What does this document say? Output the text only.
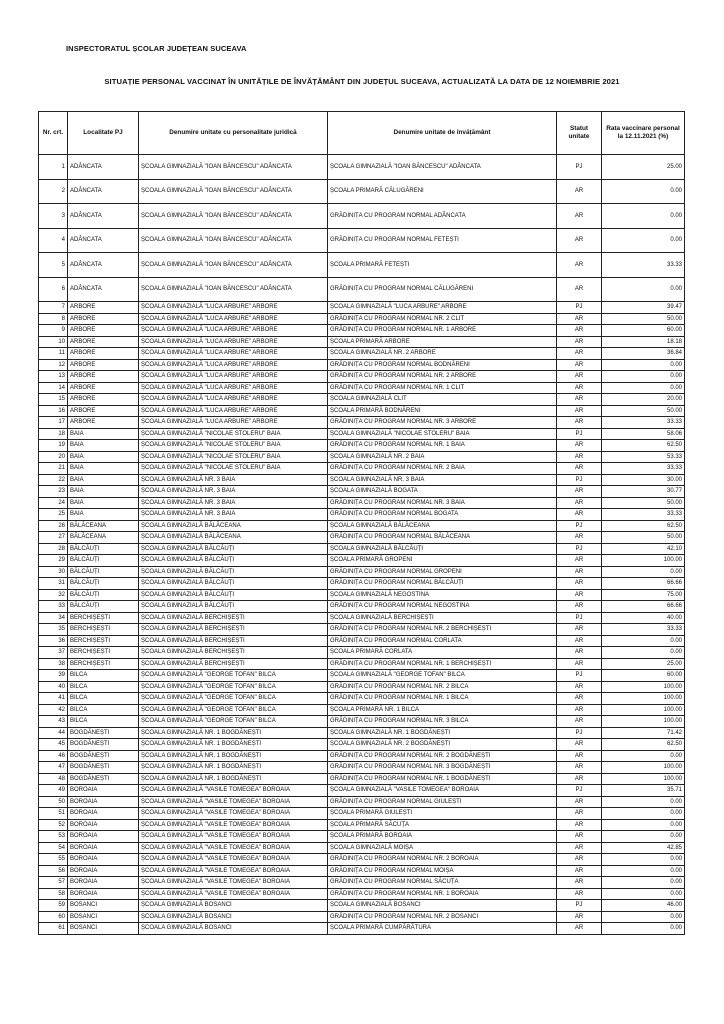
INSPECTORATUL ȘCOLAR JUDEȚEAN SUCEAVA
SITUAȚIE PERSONAL VACCINAT ÎN UNITĂȚILE DE ÎNVĂȚĂMÂNT DIN JUDEȚUL SUCEAVA, ACTUALIZATĂ LA DATA DE 12 NOIEMBRIE 2021
Nr. crt.	Localitate PJ	Denumire unitate cu personalitate juridică	Denumire unitate de învățământ	Statut unitate	Rata vaccinare personal la 12.11.2021 (%)
1	ADÂNCATA	ȘCOALA GIMNAZIALĂ "IOAN BĂNCESCU" ADÂNCATA	ȘCOALA GIMNAZIALĂ "IOAN BĂNCESCU" ADÂNCATA	PJ	25.00
2	ADÂNCATA	ȘCOALA GIMNAZIALĂ "IOAN BĂNCESCU" ADÂNCATA	ȘCOALA PRIMARĂ CĂLUGĂRENI	AR	0.00
3	ADÂNCATA	ȘCOALA GIMNAZIALĂ "IOAN BĂNCESCU" ADÂNCATA	GRĂDINIȚA CU PROGRAM NORMAL ADÂNCATA	AR	0.00
4	ADÂNCATA	ȘCOALA GIMNAZIALĂ "IOAN BĂNCESCU" ADÂNCATA	GRĂDINIȚA CU PROGRAM NORMAL FETEȘTI	AR	0.00
5	ADÂNCATA	ȘCOALA GIMNAZIALĂ "IOAN BĂNCESCU" ADÂNCATA	ȘCOALA PRIMARĂ FETEȘTI	AR	33.33
6	ADÂNCATA	ȘCOALA GIMNAZIALĂ "IOAN BĂNCESCU" ADÂNCATA	GRĂDINIȚA CU PROGRAM NORMAL CĂLUGĂRENI	AR	0.00
7	ARBORE	ȘCOALA GIMNAZIALĂ "LUCA ARBURE" ARBORE	ȘCOALA GIMNAZIALĂ "LUCA ARBURE" ARBORE	PJ	39.47
8	ARBORE	ȘCOALA GIMNAZIALĂ "LUCA ARBURE" ARBORE	GRĂDINIȚA CU PROGRAM NORMAL NR. 2 CLIT	AR	50.00
9	ARBORE	ȘCOALA GIMNAZIALĂ "LUCA ARBURE" ARBORE	GRĂDINIȚA CU PROGRAM NORMAL NR. 1 ARBORE	AR	60.00
10	ARBORE	ȘCOALA GIMNAZIALĂ "LUCA ARBURE" ARBORE	ȘCOALA PRIMARĂ ARBORE	AR	18.18
11	ARBORE	ȘCOALA GIMNAZIALĂ "LUCA ARBURE" ARBORE	ȘCOALA GIMNAZIALĂ NR. 2 ARBORE	AR	36.84
12	ARBORE	ȘCOALA GIMNAZIALĂ "LUCA ARBURE" ARBORE	GRĂDINIȚA CU PROGRAM NORMAL BODNĂRENI	AR	0.00
13	ARBORE	ȘCOALA GIMNAZIALĂ "LUCA ARBURE" ARBORE	GRĂDINIȚA CU PROGRAM NORMAL NR. 2 ARBORE	AR	0.00
14	ARBORE	ȘCOALA GIMNAZIALĂ "LUCA ARBURE" ARBORE	GRĂDINIȚA CU PROGRAM NORMAL NR. 1 CLIT	AR	0.00
15	ARBORE	ȘCOALA GIMNAZIALĂ "LUCA ARBURE" ARBORE	ȘCOALA GIMNAZIALĂ CLIT	AR	20.00
16	ARBORE	ȘCOALA GIMNAZIALĂ "LUCA ARBURE" ARBORE	ȘCOALA PRIMARĂ BODNĂRENI	AR	50.00
17	ARBORE	ȘCOALA GIMNAZIALĂ "LUCA ARBURE" ARBORE	GRĂDINIȚA CU PROGRAM NORMAL NR. 3 ARBORE	AR	33.33
18	BAIA	ȘCOALA GIMNAZIALĂ "NICOLAE STOLERU" BAIA	ȘCOALA GIMNAZIALĂ "NICOLAE STOLERU" BAIA	PJ	58.06
19	BAIA	ȘCOALA GIMNAZIALĂ "NICOLAE STOLERU" BAIA	GRĂDINIȚA CU PROGRAM NORMAL NR. 1 BAIA	AR	62.50
20	BAIA	ȘCOALA GIMNAZIALĂ "NICOLAE STOLERU" BAIA	ȘCOALA GIMNAZIALĂ NR. 2 BAIA	AR	53.33
21	BAIA	ȘCOALA GIMNAZIALĂ "NICOLAE STOLERU" BAIA	GRĂDINIȚA CU PROGRAM NORMAL NR. 2 BAIA	AR	33.33
22	BAIA	ȘCOALA GIMNAZIALĂ NR. 3 BAIA	ȘCOALA GIMNAZIALĂ NR. 3 BAIA	PJ	30.00
23	BAIA	ȘCOALA GIMNAZIALĂ NR. 3 BAIA	ȘCOALA GIMNAZIALĂ BOGATA	AR	30.77
24	BAIA	ȘCOALA GIMNAZIALĂ NR. 3 BAIA	GRĂDINIȚA CU PROGRAM NORMAL NR. 3 BAIA	AR	50.00
25	BAIA	ȘCOALA GIMNAZIALĂ NR. 3 BAIA	GRĂDINIȚA CU PROGRAM NORMAL BOGATA	AR	33.33
26	BĂLĂCEANA	ȘCOALA GIMNAZIALĂ BĂLĂCEANA	ȘCOALA GIMNAZIALĂ BĂLĂCEANA	PJ	62.50
27	BĂLĂCEANA	ȘCOALA GIMNAZIALĂ BĂLĂCEANA	GRĂDINIȚA CU PROGRAM NORMAL BĂLĂCEANA	AR	50.00
28	BĂLCĂUȚI	ȘCOALA GIMNAZIALĂ BĂLCĂUȚI	ȘCOALA GIMNAZIALĂ BĂLCĂUȚI	PJ	42.10
29	BĂLCĂUȚI	ȘCOALA GIMNAZIALĂ BĂLCĂUȚI	ȘCOALA PRIMARĂ GROPENI	AR	100.00
30	BĂLCĂUȚI	ȘCOALA GIMNAZIALĂ BĂLCĂUȚI	GRĂDINIȚA CU PROGRAM NORMAL GROPENI	AR	0.00
31	BĂLCĂUȚI	ȘCOALA GIMNAZIALĂ BĂLCĂUȚI	GRĂDINIȚA CU PROGRAM NORMAL BĂLCĂUȚI	AR	66.66
32	BĂLCĂUȚI	ȘCOALA GIMNAZIALĂ BĂLCĂUȚI	ȘCOALA GIMNAZIALĂ NEGOSTINA	AR	75.00
33	BĂLCĂUȚI	ȘCOALA GIMNAZIALĂ BĂLCĂUȚI	GRĂDINIȚA CU PROGRAM NORMAL NEGOSTINA	AR	66.66
34	BERCHIȘEȘTI	ȘCOALA GIMNAZIALĂ BERCHIȘEȘTI	ȘCOALA GIMNAZIALĂ BERCHIȘEȘTI	PJ	40.00
35	BERCHIȘEȘTI	ȘCOALA GIMNAZIALĂ BERCHIȘEȘTI	GRĂDINIȚA CU PROGRAM NORMAL NR. 2 BERCHIȘEȘTI	AR	33.33
36	BERCHIȘEȘTI	ȘCOALA GIMNAZIALĂ BERCHIȘEȘTI	GRĂDINIȚA CU PROGRAM NORMAL CORLATA	AR	0.00
37	BERCHIȘEȘTI	ȘCOALA GIMNAZIALĂ BERCHIȘEȘTI	ȘCOALA PRIMARĂ CORLATA	AR	0.00
38	BERCHIȘEȘTI	ȘCOALA GIMNAZIALĂ BERCHIȘEȘTI	GRĂDINIȚA CU PROGRAM NORMAL NR. 1 BERCHIȘEȘTI	AR	25.00
39	BILCA	ȘCOALA GIMNAZIALĂ "GEORGE TOFAN" BILCA	ȘCOALA GIMNAZIALĂ "GEORGE TOFAN" BILCA	PJ	60.00
40	BILCA	ȘCOALA GIMNAZIALĂ "GEORGE TOFAN" BILCA	GRĂDINIȚA CU PROGRAM NORMAL NR. 2 BILCA	AR	100.00
41	BILCA	ȘCOALA GIMNAZIALĂ "GEORGE TOFAN" BILCA	GRĂDINIȚA CU PROGRAM NORMAL NR. 1 BILCA	AR	100.00
42	BILCA	ȘCOALA GIMNAZIALĂ "GEORGE TOFAN" BILCA	ȘCOALA PRIMARĂ NR. 1 BILCA	AR	100.00
43	BILCA	ȘCOALA GIMNAZIALĂ "GEORGE TOFAN" BILCA	GRĂDINIȚA CU PROGRAM NORMAL NR. 3 BILCA	AR	100.00
44	BOGDĂNEȘTI	ȘCOALA GIMNAZIALĂ NR. 1 BOGDĂNEȘTI	ȘCOALA GIMNAZIALĂ NR. 1 BOGDĂNEȘTI	PJ	71.42
45	BOGDĂNEȘTI	ȘCOALA GIMNAZIALĂ NR. 1 BOGDĂNEȘTI	ȘCOALA GIMNAZIALĂ NR. 2 BOGDĂNEȘTI	AR	62.50
46	BOGDĂNEȘTI	ȘCOALA GIMNAZIALĂ NR. 1 BOGDĂNEȘTI	GRĂDINIȚA CU PROGRAM NORMAL NR. 2 BOGDĂNEȘTI	AR	0.00
47	BOGDĂNEȘTI	ȘCOALA GIMNAZIALĂ NR. 1 BOGDĂNEȘTI	GRĂDINIȚA CU PROGRAM NORMAL NR. 3 BOGDĂNEȘTI	AR	100.00
48	BOGDĂNEȘTI	ȘCOALA GIMNAZIALĂ NR. 1 BOGDĂNEȘTI	GRĂDINIȚA CU PROGRAM NORMAL NR. 1 BOGDĂNEȘTI	AR	100.00
49	BOROAIA	ȘCOALA GIMNAZIALĂ "VASILE TOMEGEA" BOROAIA	ȘCOALA GIMNAZIALĂ "VASILE TOMEGEA" BOROAIA	PJ	35.71
50	BOROAIA	ȘCOALA GIMNAZIALĂ "VASILE TOMEGEA" BOROAIA	GRĂDINIȚA CU PROGRAM NORMAL GIULEȘTI	AR	0.00
51	BOROAIA	ȘCOALA GIMNAZIALĂ "VASILE TOMEGEA" BOROAIA	ȘCOALA PRIMARĂ GIULEȘTI	AR	0.00
52	BOROAIA	ȘCOALA GIMNAZIALĂ "VASILE TOMEGEA" BOROAIA	ȘCOALA PRIMARĂ SĂCUȚA	AR	0.00
53	BOROAIA	ȘCOALA GIMNAZIALĂ "VASILE TOMEGEA" BOROAIA	ȘCOALA PRIMARĂ BOROAIA	AR	0.00
54	BOROAIA	ȘCOALA GIMNAZIALĂ "VASILE TOMEGEA" BOROAIA	ȘCOALA GIMNAZIALĂ MOIȘA	AR	42.85
55	BOROAIA	ȘCOALA GIMNAZIALĂ "VASILE TOMEGEA" BOROAIA	GRĂDINIȚA CU PROGRAM NORMAL NR. 2 BOROAIA	AR	0.00
56	BOROAIA	ȘCOALA GIMNAZIALĂ "VASILE TOMEGEA" BOROAIA	GRĂDINIȚA CU PROGRAM NORMAL MOIȘA	AR	0.00
57	BOROAIA	ȘCOALA GIMNAZIALĂ "VASILE TOMEGEA" BOROAIA	GRĂDINIȚA CU PROGRAM NORMAL SĂCUȚA	AR	0.00
58	BOROAIA	ȘCOALA GIMNAZIALĂ "VASILE TOMEGEA" BOROAIA	GRĂDINIȚA CU PROGRAM NORMAL NR. 1 BOROAIA	AR	0.00
59	BOSANCI	ȘCOALA GIMNAZIALĂ BOSANCI	ȘCOALA GIMNAZIALĂ BOSANCI	PJ	46.00
60	BOSANCI	ȘCOALA GIMNAZIALĂ BOSANCI	GRĂDINIȚA CU PROGRAM NORMAL NR. 2 BOSANCI	AR	0.00
61	BOSANCI	ȘCOALA GIMNAZIALĂ BOSANCI	ȘCOALA PRIMARĂ CUMPĂRĂTURA	AR	0.00
